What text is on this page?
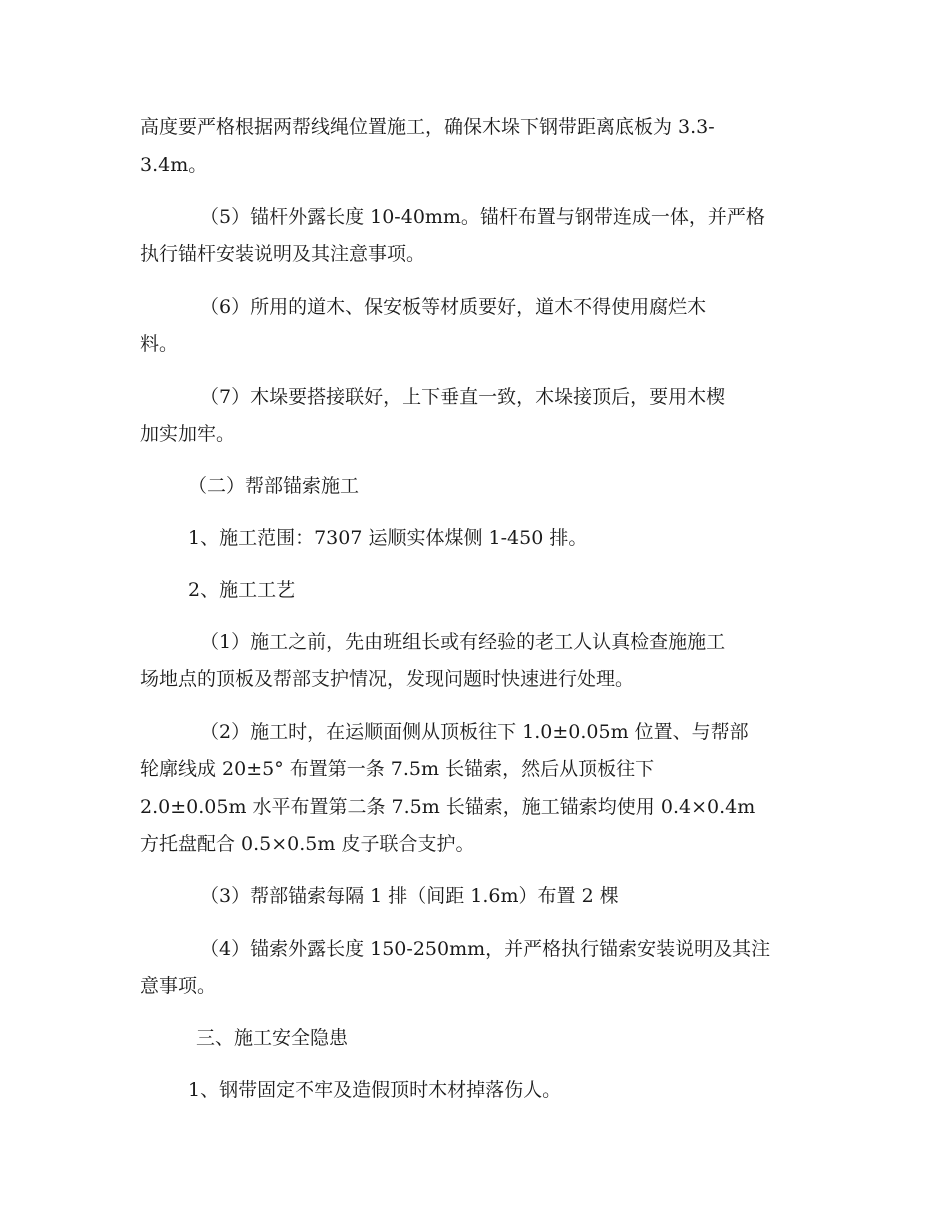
高度要严格根据两帮线绳位置施工，确保木垛下钢带距离底板为 3.3-
3.4m。
（5）锚杆外露长度 10-40mm。锚杆布置与钢带连成一体，并严格
执行锚杆安装说明及其注意事项。
（6）所用的道木、保安板等材质要好，道木不得使用腐烂木
料。
（7）木垛要搭接联好，上下垂直一致，木垛接顶后，要用木楔
加实加牢。
（二）帮部锚索施工
1、施工范围：7307 运顺实体煤侧 1-450 排。
2、施工工艺
（1）施工之前，先由班组长或有经验的老工人认真检查施施工
场地点的顶板及帮部支护情况，发现问题时快速进行处理。
（2）施工时，在运顺面侧从顶板往下 1.0±0.05m 位置、与帮部
轮廓线成 20±5° 布置第一条 7.5m 长锚索，然后从顶板往下
2.0±0.05m 水平布置第二条 7.5m 长锚索，施工锚索均使用 0.4×0.4m
方托盘配合 0.5×0.5m 皮子联合支护。
（3）帮部锚索每隔 1 排（间距 1.6m）布置 2 棵
（4）锚索外露长度 150-250mm，并严格执行锚索安装说明及其注
意事项。
三、施工安全隐患
1、钢带固定不牢及造假顶时木材掉落伤人。
